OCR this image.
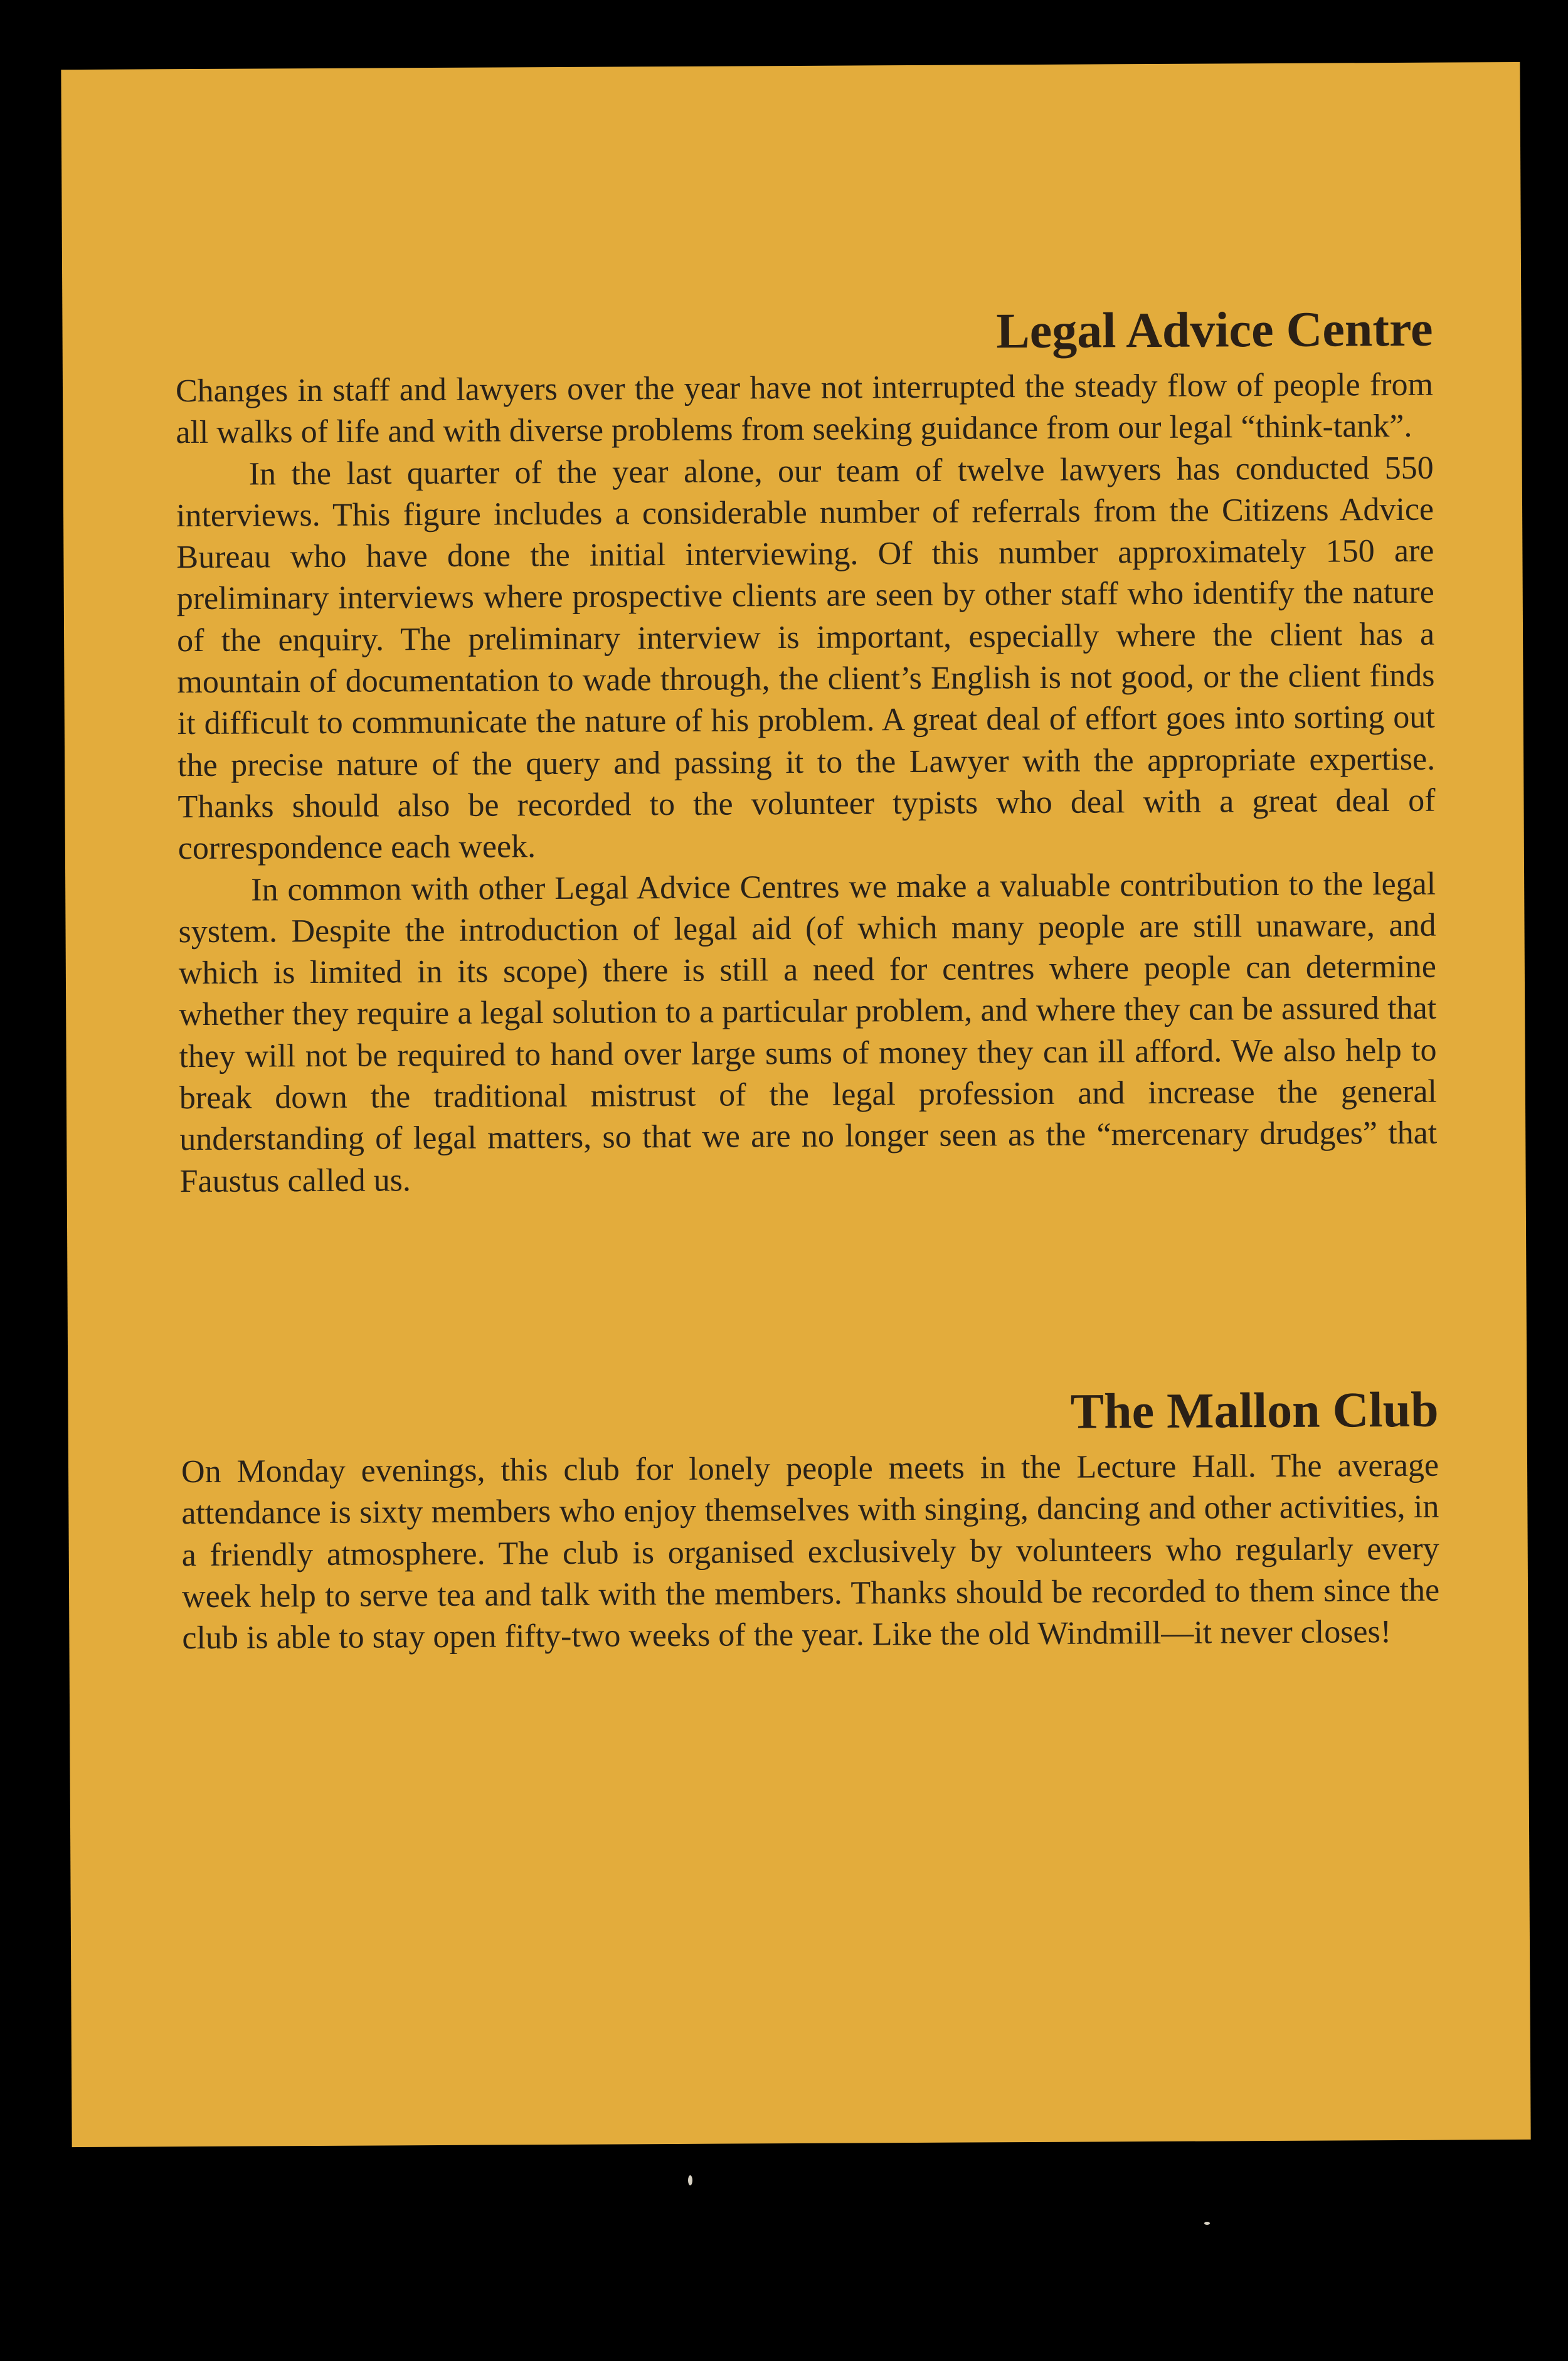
Legal Advice Centre

Changes in staff and lawyers over the year have not interrupted the steady flow of people from all walks of life and with diverse problems from seeking guidance from our legal “think-tank”.

In the last quarter of the year alone, our team of twelve lawyers has conducted 550 interviews. This figure includes a considerable number of referrals from the Citizens Advice Bureau who have done the initial interviewing. Of this number approximately 150 are preliminary interviews where prospective clients are seen by other staff who identify the nature of the enquiry. The preliminary interview is important, especially where the client has a mountain of documentation to wade through, the client’s English is not good, or the client finds it difficult to communicate the nature of his problem. A great deal of effort goes into sorting out the precise nature of the query and passing it to the Lawyer with the appropriate expertise. Thanks should also be recorded to the volunteer typists who deal with a great deal of correspondence each week.

In common with other Legal Advice Centres we make a valuable contribution to the legal system. Despite the introduction of legal aid (of which many people are still unaware, and which is limited in its scope) there is still a need for centres where people can determine whether they require a legal solution to a particular problem, and where they can be assured that they will not be required to hand over large sums of money they can ill afford. We also help to break down the traditional mistrust of the legal profession and increase the general understanding of legal matters, so that we are no longer seen as the “mercenary drudges” that Faustus called us.

The Mallon Club

On Monday evenings, this club for lonely people meets in the Lecture Hall. The average attendance is sixty members who enjoy themselves with singing, dancing and other activities, in a friendly atmosphere. The club is organised exclusively by volunteers who regularly every week help to serve tea and talk with the members. Thanks should be recorded to them since the club is able to stay open fifty-two weeks of the year. Like the old Windmill—it never closes!
